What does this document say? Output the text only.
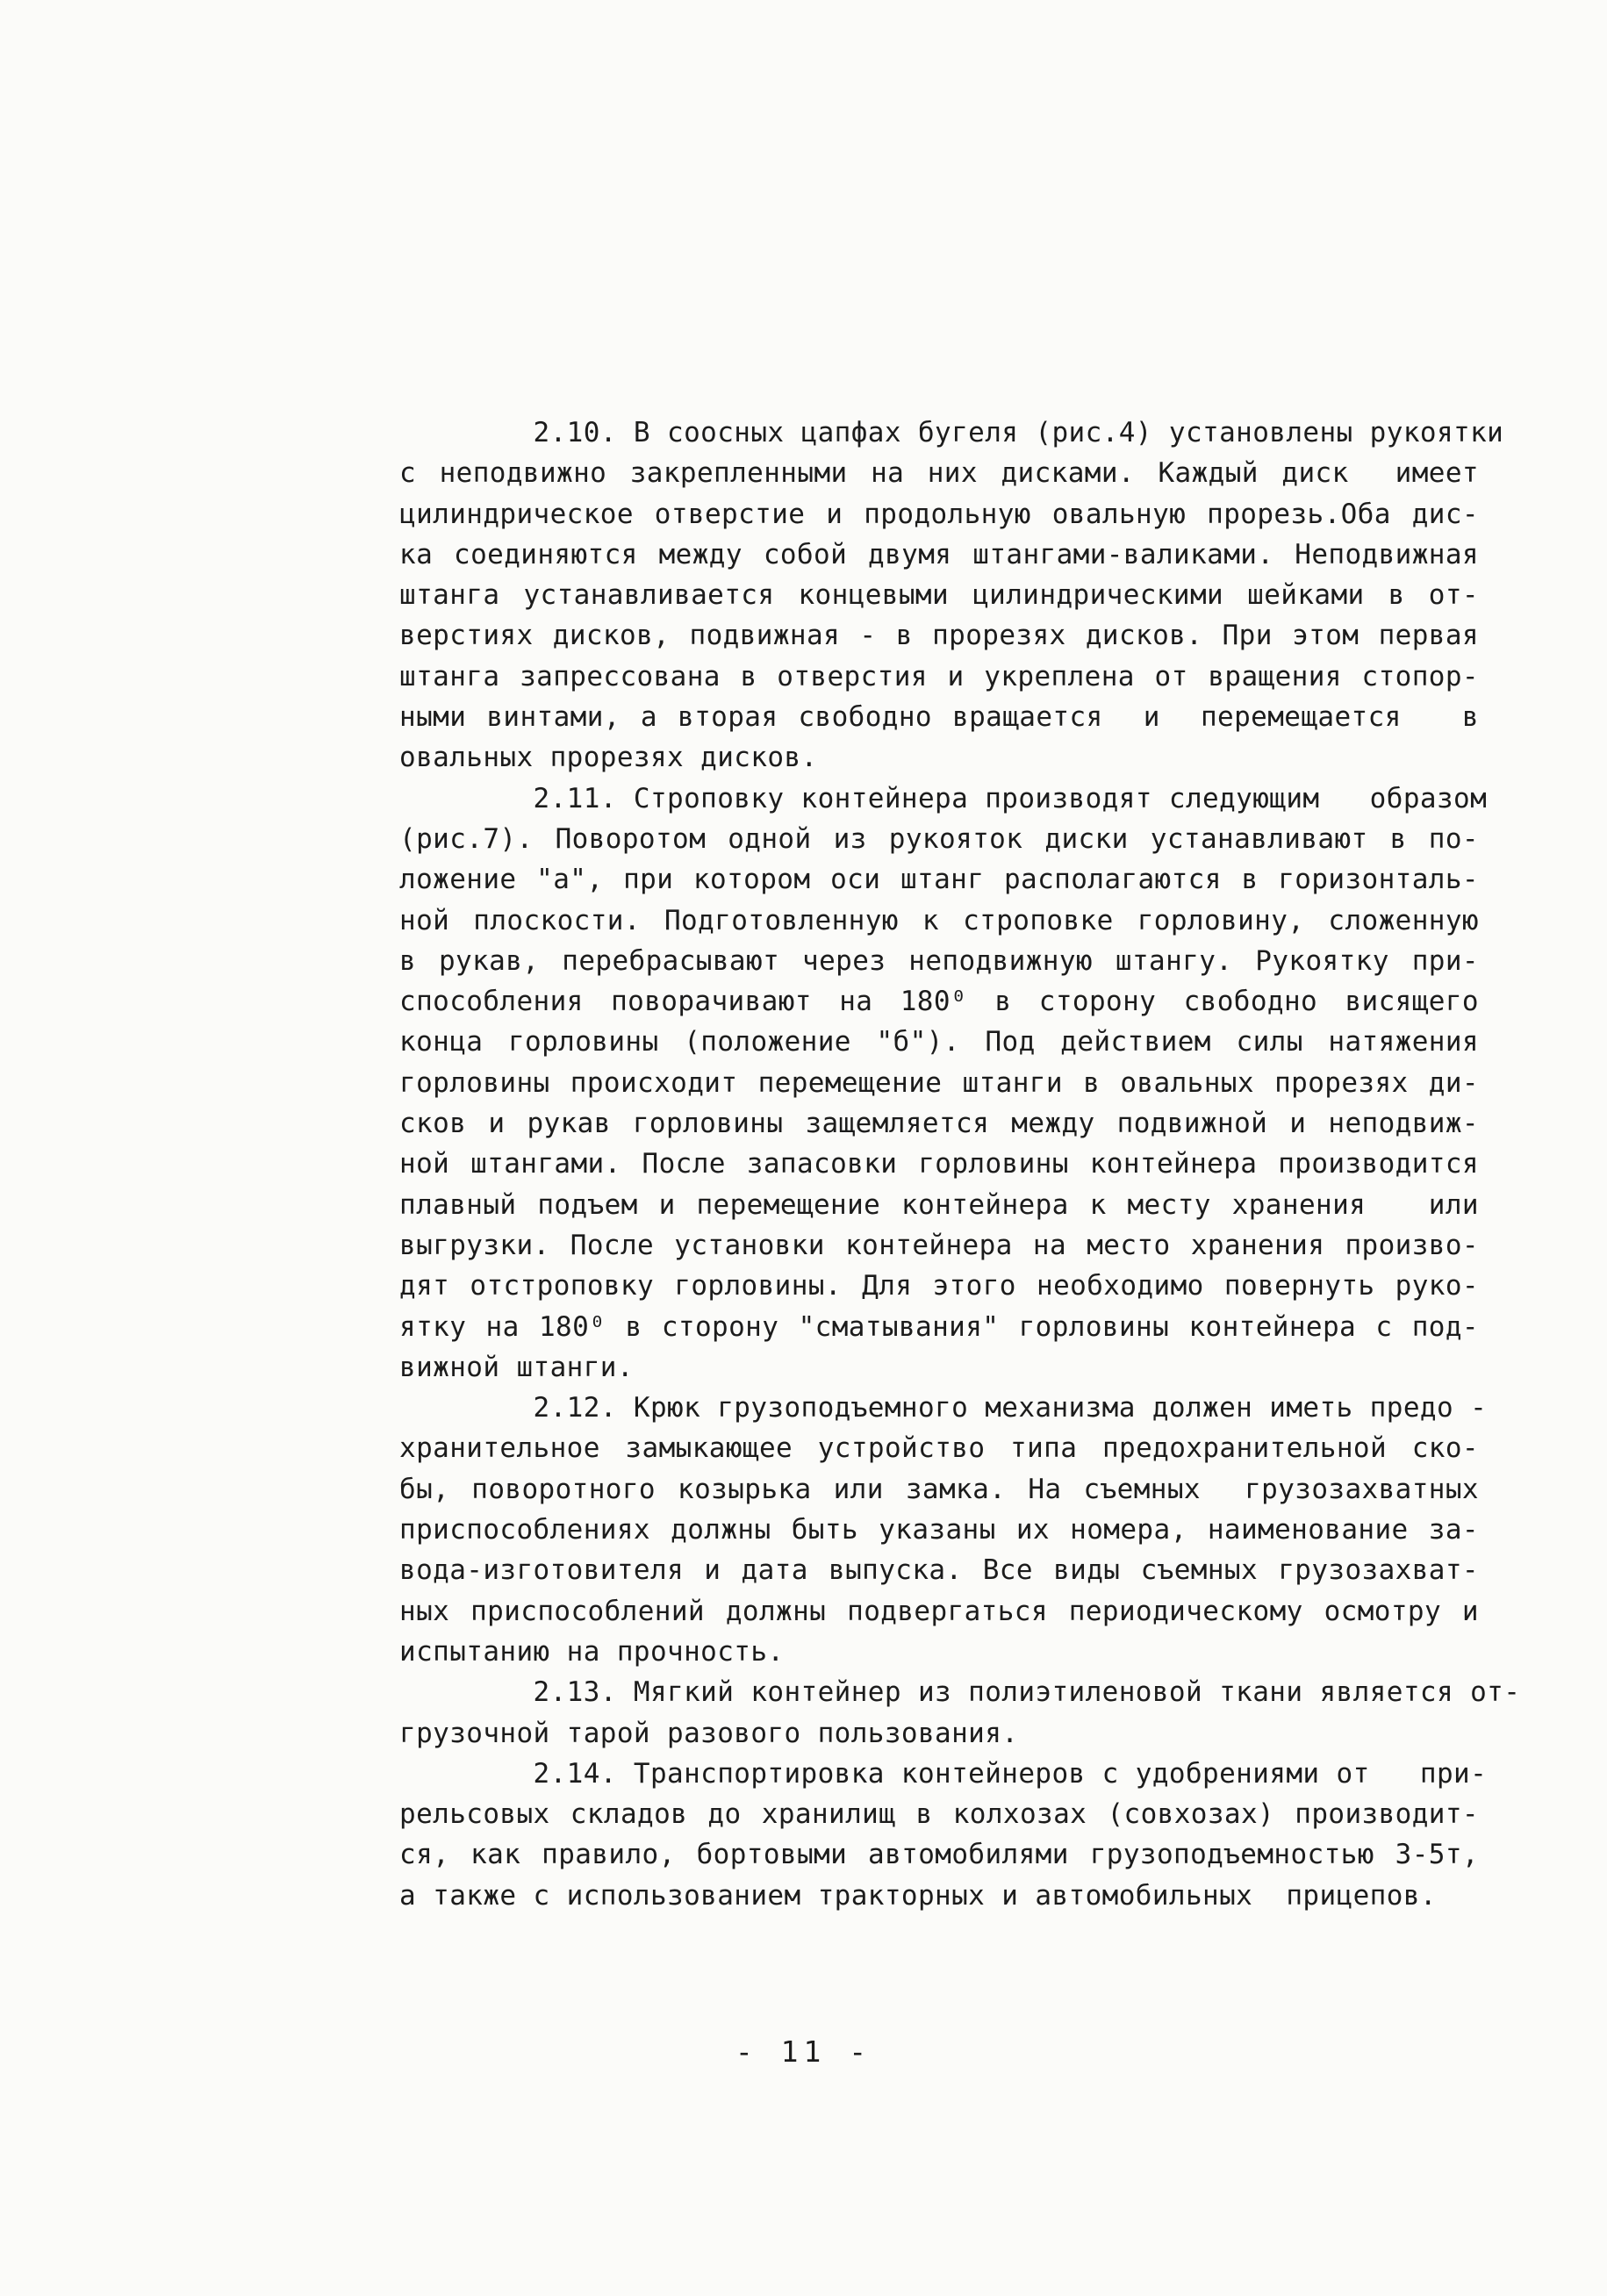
2.10. В соосных цапфах бугеля (рис.4) установлены рукоятки
с неподвижно закрепленными на них дисками. Каждый диск  имеет
цилиндрическое отверстие и продольную овальную прорезь.Оба дис-
ка соединяются между собой двумя штангами-валиками. Неподвижная
штанга устанавливается концевыми цилиндрическими шейками в от-
верстиях дисков, подвижная - в прорезях дисков. При этом первая
штанга запрессована в отверстия и укреплена от вращения стопор-
ными винтами, а вторая свободно вращается  и  перемещается   в
овальных прорезях дисков.
2.11. Строповку контейнера производят следующим   образом
(рис.7). Поворотом одной из рукояток диски устанавливают в по-
ложение "а", при котором оси штанг располагаются в горизонталь-
ной плоскости. Подготовленную к строповке горловину, сложенную
в рукав, перебрасывают через неподвижную штангу. Рукоятку при-
способления поворачивают на 180⁰ в сторону свободно висящего
конца горловины (положение "б"). Под действием силы натяжения
горловины происходит перемещение штанги в овальных прорезях ди-
сков и рукав горловины защемляется между подвижной и неподвиж-
ной штангами. После запасовки горловины контейнера производится
плавный подъем и перемещение контейнера к месту хранения   или
выгрузки. После установки контейнера на место хранения произво-
дят отстроповку горловины. Для этого необходимо повернуть руко-
ятку на 180⁰ в сторону "сматывания" горловины контейнера с под-
вижной штанги.
2.12. Крюк грузоподъемного механизма должен иметь предо -
хранительное замыкающее устройство типа предохранительной ско-
бы, поворотного козырька или замка. На съемных  грузозахватных
приспособлениях должны быть указаны их номера, наименование за-
вода-изготовителя и дата выпуска. Все виды съемных грузозахват-
ных приспособлений должны подвергаться периодическому осмотру и
испытанию на прочность.
2.13. Мягкий контейнер из полиэтиленовой ткани является от-
грузочной тарой разового пользования.
2.14. Транспортировка контейнеров с удобрениями от   при-
рельсовых складов до хранилищ в колхозах (совхозах) производит-
ся, как правило, бортовыми автомобилями грузоподъемностью 3-5т,
а также с использованием тракторных и автомобильных  прицепов.
- 11 -
